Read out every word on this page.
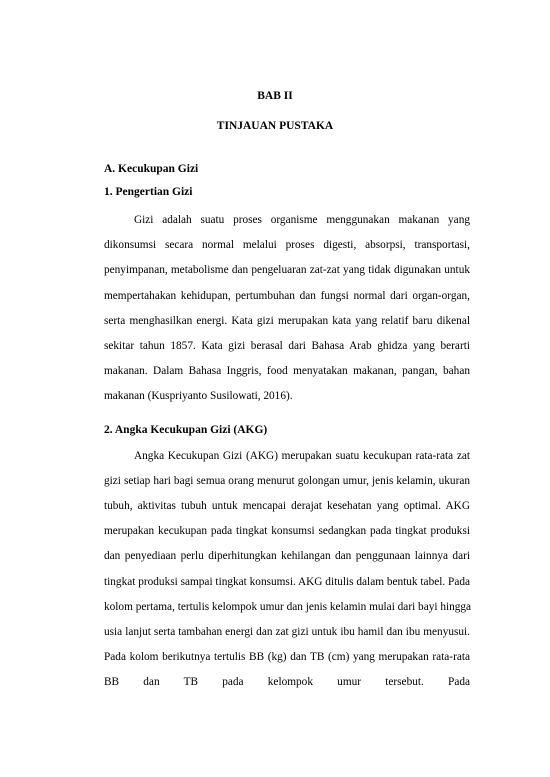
BAB II

TINJAUAN PUSTAKA

A. Kecukupan Gizi

1. Pengertian Gizi

Gizi adalah suatu proses organisme menggunakan makanan yang

dikonsumsi secara normal melalui proses digesti, absorpsi, transportasi,

penyimpanan, metabolisme dan pengeluaran zat-zat yang tidak digunakan untuk

mempertahakan kehidupan, pertumbuhan dan fungsi normal dari organ-organ,

serta menghasilkan energi. Kata gizi merupakan kata yang relatif baru dikenal

sekitar tahun 1857. Kata gizi berasal dari Bahasa Arab ghidza yang berarti

makanan. Dalam Bahasa Inggris, food menyatakan makanan, pangan, bahan

makanan (Kuspriyanto Susilowati, 2016).

2. Angka Kecukupan Gizi (AKG)

Angka Kecukupan Gizi (AKG) merupakan suatu kecukupan rata-rata zat

gizi setiap hari bagi semua orang menurut golongan umur, jenis kelamin, ukuran

tubuh, aktivitas tubuh untuk mencapai derajat kesehatan yang optimal. AKG

merupakan kecukupan pada tingkat konsumsi sedangkan pada tingkat produksi

dan penyediaan perlu diperhitungkan kehilangan dan penggunaan lainnya dari

tingkat produksi sampai tingkat konsumsi. AKG ditulis dalam bentuk tabel. Pada

kolom pertama, tertulis kelompok umur dan jenis kelamin mulai dari bayi hingga

usia lanjut serta tambahan energi dan zat gizi untuk ibu hamil dan ibu menyusui.

Pada kolom berikutnya tertulis BB (kg) dan TB (cm) yang merupakan rata-rata

BB dan TB pada kelompok umur tersebut. Pada
